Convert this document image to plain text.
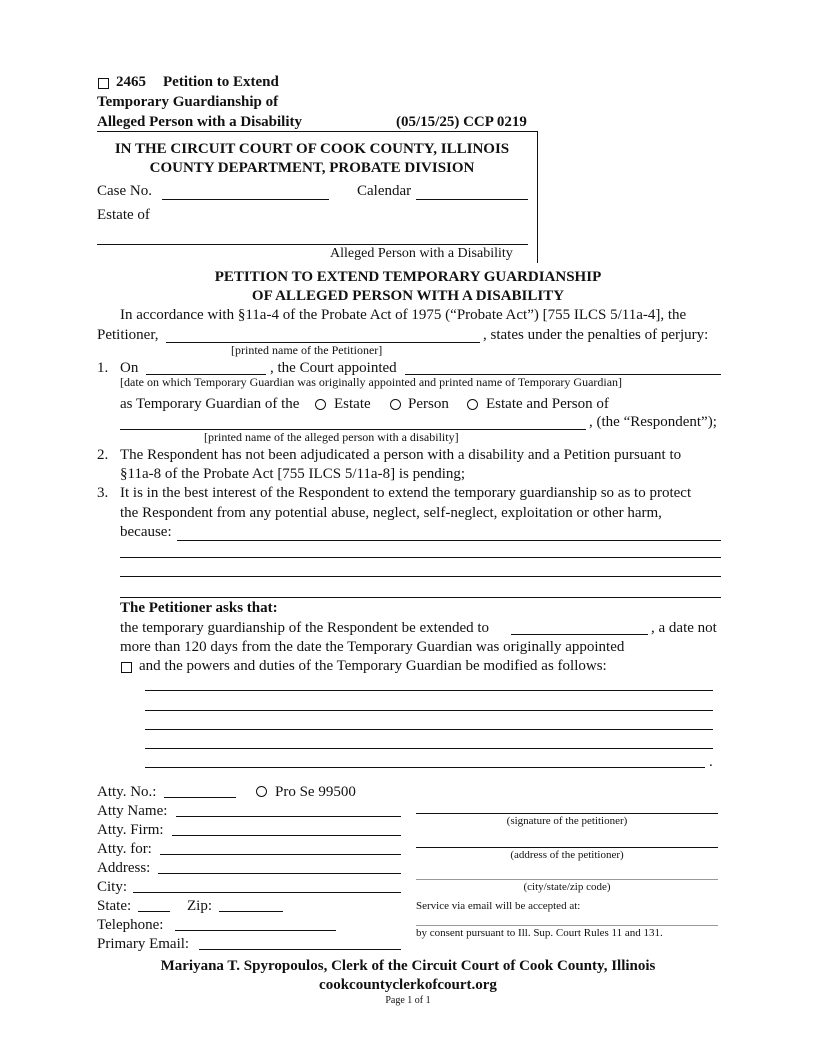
2465 Petition to Extend
Temporary Guardianship of
Alleged Person with a Disability	(05/15/25) CCP 0219
IN THE CIRCUIT COURT OF COOK COUNTY, ILLINOIS
COUNTY DEPARTMENT, PROBATE DIVISION
Case No.	Calendar
Estate of
Alleged Person with a Disability
PETITION TO EXTEND TEMPORARY GUARDIANSHIP
OF ALLEGED PERSON WITH A DISABILITY
In accordance with §11a-4 of the Probate Act of 1975 (“Probate Act”) [755 ILCS 5/11a-4], the
Petitioner,	, states under the penalties of perjury:
[printed name of the Petitioner]
1. On	, the Court appointed
[date on which Temporary Guardian was originally appointed and printed name of Temporary Guardian]
as Temporary Guardian of the Estate Person Estate and Person of
, (the “Respondent”);
[printed name of the alleged person with a disability]
2. The Respondent has not been adjudicated a person with a disability and a Petition pursuant to
§11a-8 of the Probate Act [755 ILCS 5/11a-8] is pending;
3. It is in the best interest of the Respondent to extend the temporary guardianship so as to protect
the Respondent from any potential abuse, neglect, self-neglect, exploitation or other harm,
because:
The Petitioner asks that:
the temporary guardianship of the Respondent be extended to	, a date not
more than 120 days from the date the Temporary Guardian was originally appointed
and the powers and duties of the Temporary Guardian be modified as follows:
.
Atty. No.:	Pro Se 99500
Atty Name:
Atty. Firm:
Atty. for:
Address:
City:
State:	Zip:
Telephone:
Primary Email:
(signature of the petitioner)
(address of the petitioner)
(city/state/zip code)
Service via email will be accepted at:
by consent pursuant to Ill. Sup. Court Rules 11 and 131.
Mariyana T. Spyropoulos, Clerk of the Circuit Court of Cook County, Illinois
cookcountyclerkofcourt.org
Page 1 of 1
